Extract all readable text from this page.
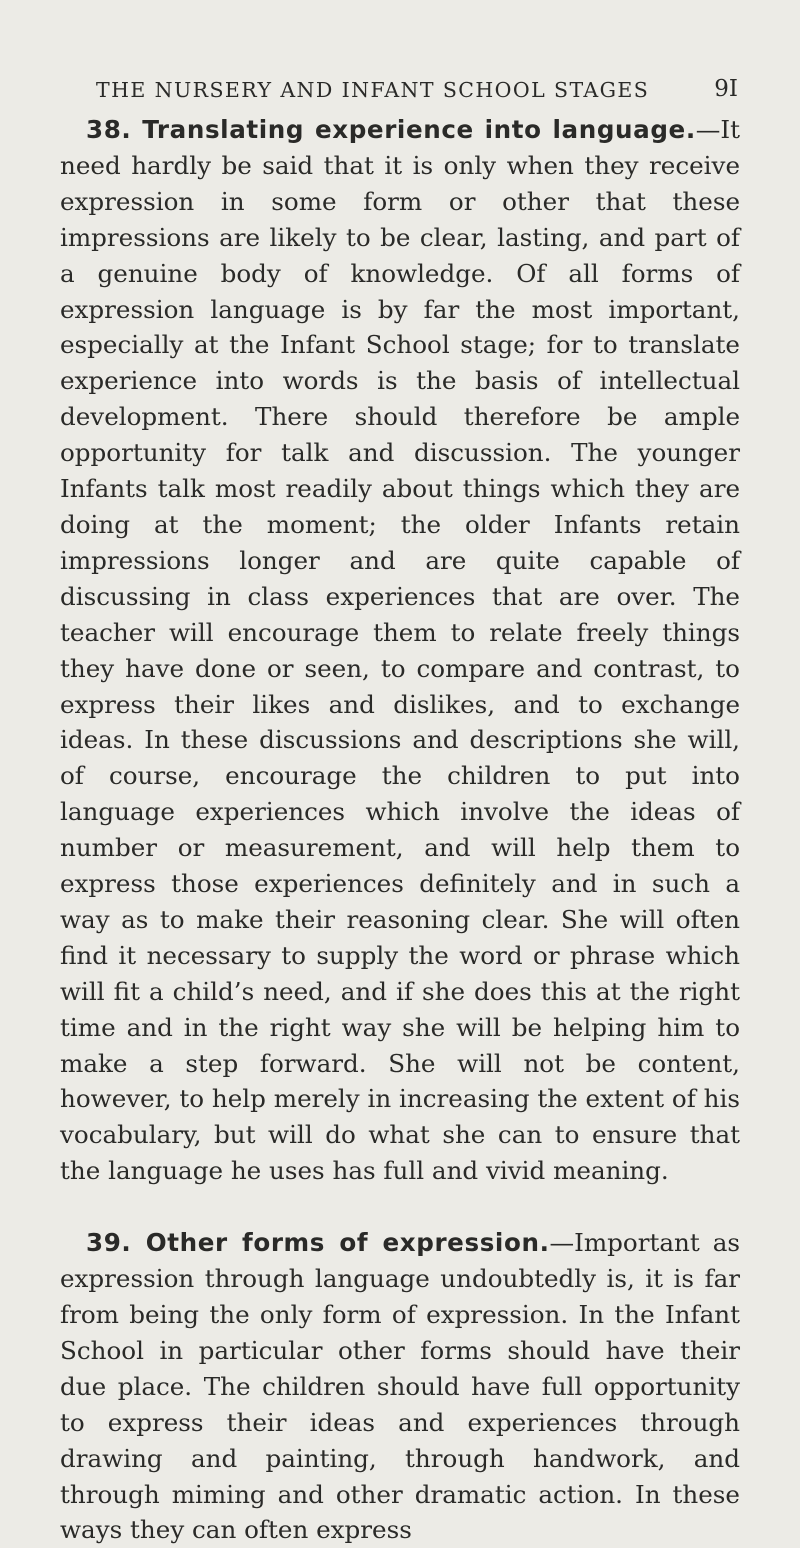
THE NURSERY AND INFANT SCHOOL STAGES	9I

38. Translating experience into language.—It need hardly be said that it is only when they receive expression in some form or other that these impressions are likely to be clear, lasting, and part of a genuine body of knowledge. Of all forms of expression language is by far the most important, especially at the Infant School stage; for to translate experience into words is the basis of intellectual development. There should therefore be ample opportunity for talk and discussion. The younger Infants talk most readily about things which they are doing at the moment; the older Infants retain impressions longer and are quite capable of discussing in class experiences that are over. The teacher will encourage them to relate freely things they have done or seen, to compare and contrast, to express their likes and dislikes, and to exchange ideas. In these discussions and descriptions she will, of course, encourage the children to put into language experiences which involve the ideas of number or measurement, and will help them to express those experiences definitely and in such a way as to make their reasoning clear. She will often find it necessary to supply the word or phrase which will fit a child’s need, and if she does this at the right time and in the right way she will be helping him to make a step forward. She will not be content, however, to help merely in increasing the extent of his vocabulary, but will do what she can to ensure that the language he uses has full and vivid meaning.

39. Other forms of expression.—Important as expression through language undoubtedly is, it is far from being the only form of expression. In the Infant School in particular other forms should have their due place. The children should have full opportunity to express their ideas and experiences through drawing and painting, through handwork, and through miming and other dramatic action. In these ways they can often express
